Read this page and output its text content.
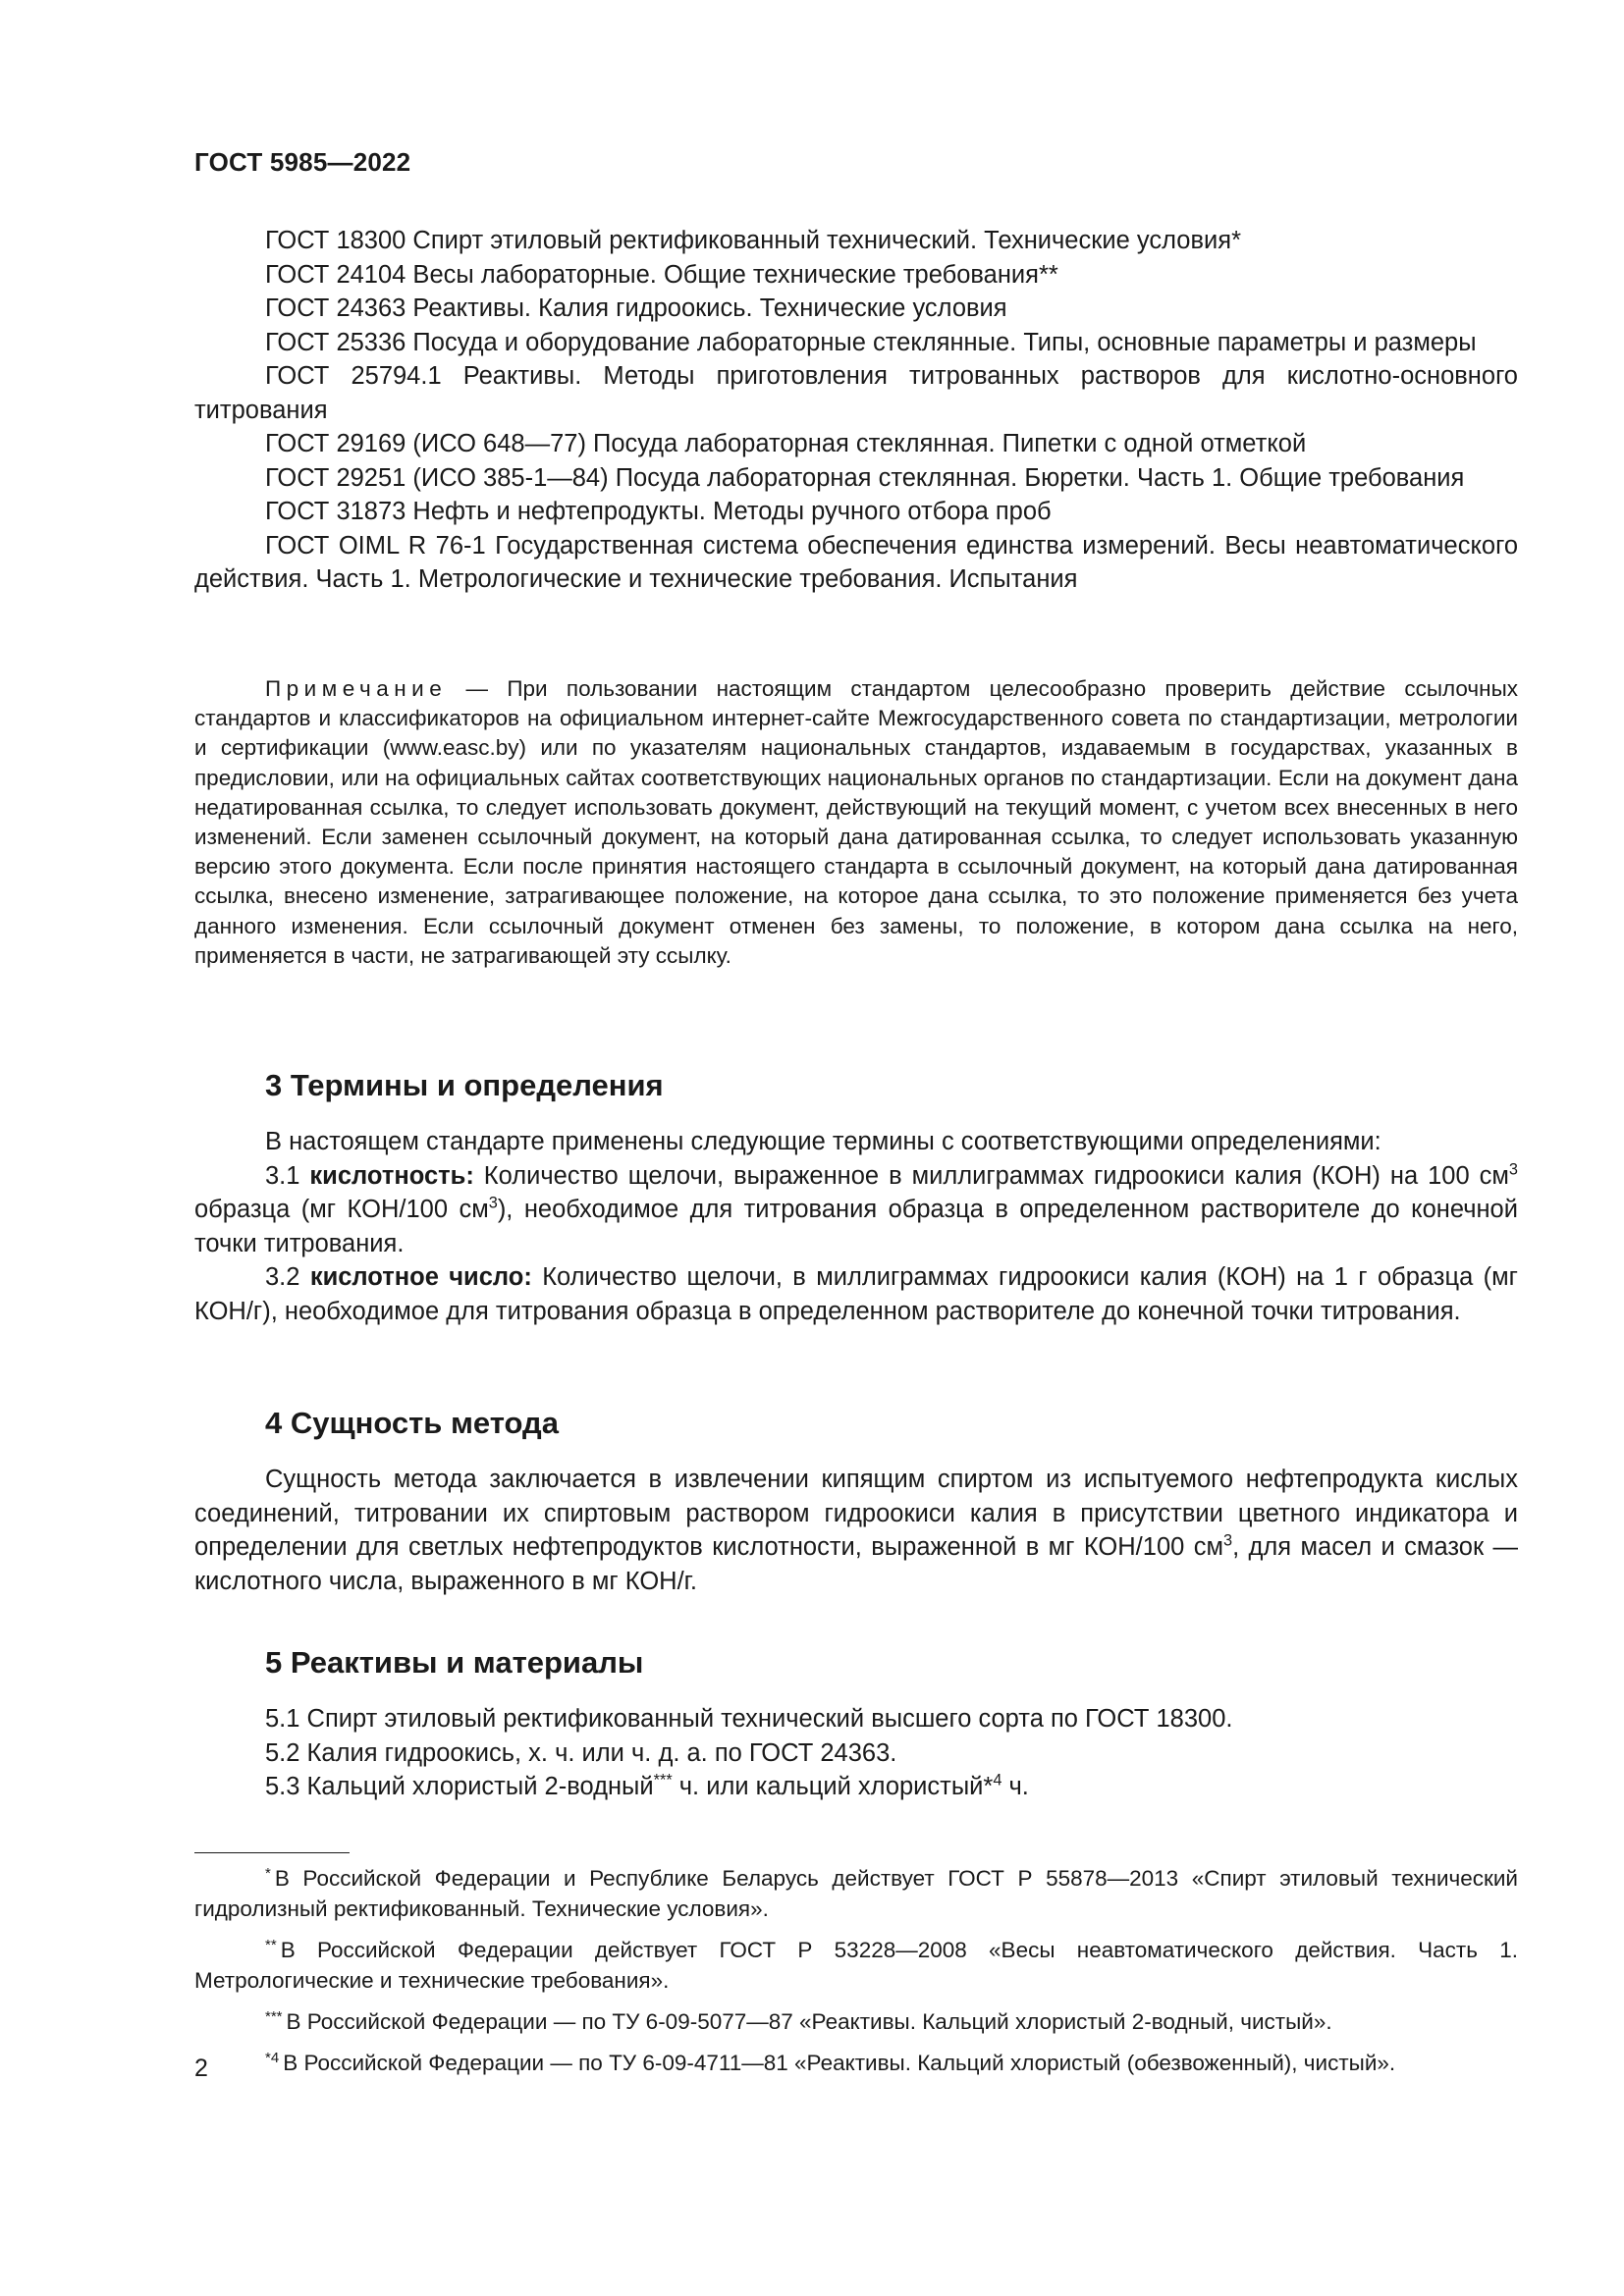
ГОСТ 5985—2022

ГОСТ 18300 Спирт этиловый ректификованный технический. Технические условия*

ГОСТ 24104 Весы лабораторные. Общие технические требования**

ГОСТ 24363 Реактивы. Калия гидроокись. Технические условия

ГОСТ 25336 Посуда и оборудование лабораторные стеклянные. Типы, основные параметры и размеры

ГОСТ 25794.1 Реактивы. Методы приготовления титрованных растворов для кислотно-основного титрования

ГОСТ 29169 (ИСО 648—77) Посуда лабораторная стеклянная. Пипетки с одной отметкой

ГОСТ 29251 (ИСО 385-1—84) Посуда лабораторная стеклянная. Бюретки. Часть 1. Общие требования

ГОСТ 31873 Нефть и нефтепродукты. Методы ручного отбора проб

ГОСТ OIML R 76-1 Государственная система обеспечения единства измерений. Весы неавтоматического действия. Часть 1. Метрологические и технические требования. Испытания

Примечание — При пользовании настоящим стандартом целесообразно проверить действие ссылочных стандартов и классификаторов на официальном интернет-сайте Межгосударственного совета по стандартизации, метрологии и сертификации (www.easc.by) или по указателям национальных стандартов, издаваемым в государствах, указанных в предисловии, или на официальных сайтах соответствующих национальных органов по стандартизации. Если на документ дана недатированная ссылка, то следует использовать документ, действующий на текущий момент, с учетом всех внесенных в него изменений. Если заменен ссылочный документ, на который дана датированная ссылка, то следует использовать указанную версию этого документа. Если после принятия настоящего стандарта в ссылочный документ, на который дана датированная ссылка, внесено изменение, затрагивающее положение, на которое дана ссылка, то это положение применяется без учета данного изменения. Если ссылочный документ отменен без замены, то положение, в котором дана ссылка на него, применяется в части, не затрагивающей эту ссылку.

3 Термины и определения

В настоящем стандарте применены следующие термины с соответствующими определениями:

3.1 кислотность: Количество щелочи, выраженное в миллиграммах гидроокиси калия (КОН) на 100 $см^3$ образца (мг КОН/100 $см^3$), необходимое для титрования образца в определенном растворителе до конечной точки титрования.

3.2 кислотное число: Количество щелочи, в миллиграммах гидроокиси калия (КОН) на 1 г образца (мг КОН/г), необходимое для титрования образца в определенном растворителе до конечной точки титрования.

4 Сущность метода

Сущность метода заключается в извлечении кипящим спиртом из испытуемого нефтепродукта кислых соединений, титровании их спиртовым раствором гидроокиси калия в присутствии цветного индикатора и определении для светлых нефтепродуктов кислотности, выраженной в мг КОН/100 $см^3$, для масел и смазок — кислотного числа, выраженного в мг КОН/г.

5 Реактивы и материалы

5.1 Спирт этиловый ректификованный технический высшего сорта по ГОСТ 18300.

5.2 Калия гидроокись, х. ч. или ч. д. а. по ГОСТ 24363.

5.3 Кальций хлористый 2-водный*** ч. или кальций хлористый*$^4$ ч.

* В Российской Федерации и Республике Беларусь действует ГОСТ Р 55878—2013 «Спирт этиловый технический гидролизный ректификованный. Технические условия».

** В Российской Федерации действует ГОСТ Р 53228—2008 «Весы неавтоматического действия. Часть 1. Метрологические и технические требования».

*** В Российской Федерации — по ТУ 6-09-5077—87 «Реактивы. Кальций хлористый 2-водный, чистый».

$^{*4}$ В Российской Федерации — по ТУ 6-09-4711—81 «Реактивы. Кальций хлористый (обезвоженный), чистый».

2
